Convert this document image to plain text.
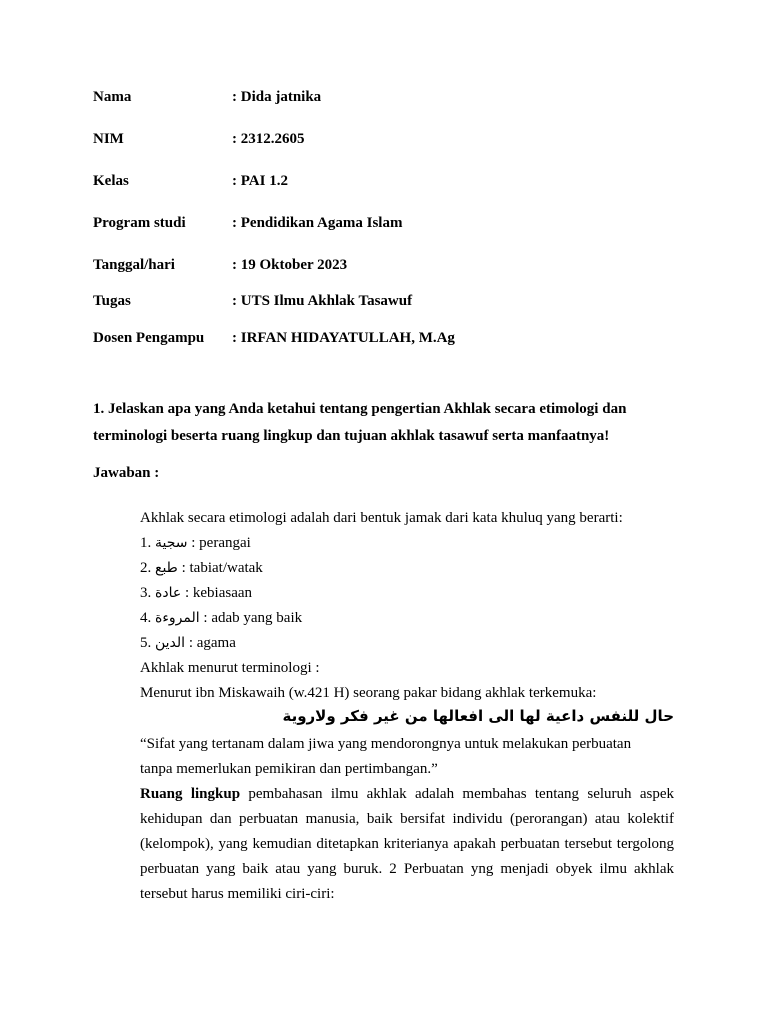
Nama	: Dida jatnika
NIM	: 2312.2605
Kelas	: PAI 1.2
Program studi	: Pendidikan Agama Islam
Tanggal/hari	: 19 Oktober 2023
Tugas	: UTS Ilmu Akhlak Tasawuf
Dosen Pengampu : IRFAN HIDAYATULLAH, M.Ag
1. Jelaskan apa yang Anda ketahui tentang pengertian Akhlak secara etimologi dan terminologi beserta ruang lingkup dan tujuan akhlak tasawuf serta manfaatnya!
Jawaban :
Akhlak secara etimologi adalah dari bentuk jamak dari kata khuluq yang berarti:
1. سجية : perangai
2. طبع : tabiat/watak
3. عادة : kebiasaan
4. المروءة : adab yang baik
5. الدين : agama
Akhlak menurut terminologi :
Menurut ibn Miskawaih (w.421 H) seorang pakar bidang akhlak terkemuka:
حال للنفس داعية لها الى افعالها من غير فكر ولاروية
“Sifat yang tertanam dalam jiwa yang mendorongnya untuk melakukan perbuatan
tanpa memerlukan pemikiran dan pertimbangan.”
Ruang lingkup pembahasan ilmu akhlak adalah membahas tentang seluruh aspek kehidupan dan perbuatan manusia, baik bersifat individu (perorangan) atau kolektif (kelompok), yang kemudian ditetapkan kriterianya apakah perbuatan tersebut tergolong perbuatan yang baik atau yang buruk. 2 Perbuatan yng menjadi obyek ilmu akhlak tersebut harus memiliki ciri-ciri:
